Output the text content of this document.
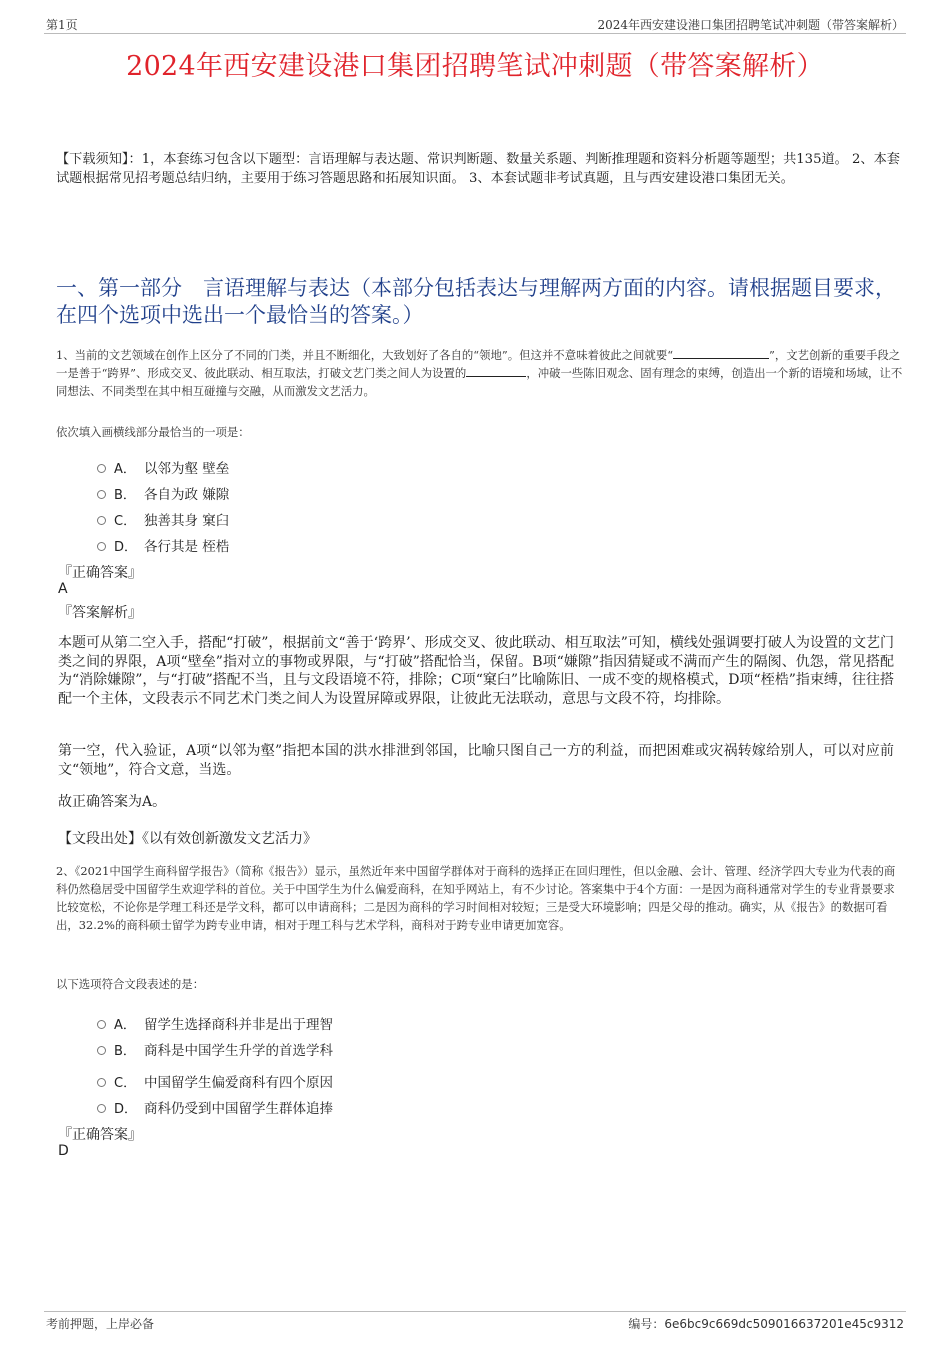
第1页	2024年西安建设港口集团招聘笔试冲刺题（带答案解析）
2024年西安建设港口集团招聘笔试冲刺题（带答案解析）
【下载须知】：1，本套练习包含以下题型：言语理解与表达题、常识判断题、数量关系题、判断推理题和资料分析题等题型；共135道。 2、本套试题根据常见招考题总结归纳，主要用于练习答题思路和拓展知识面。 3、本套试题非考试真题，且与西安建设港口集团无关。
一、第一部分　言语理解与表达（本部分包括表达与理解两方面的内容。请根据题目要求，在四个选项中选出一个最恰当的答案。）
1、当前的文艺领域在创作上区分了不同的门类，并且不断细化，大致划好了各自的“领地”。但这并不意味着彼此之间就要“	”，文艺创新的重要手段之一是善于“跨界”、形成交叉、彼此联动、相互取法，打破文艺门类之间人为设置的	，冲破一些陈旧观念、固有理念的束缚，创造出一个新的语境和场域，让不同想法、不同类型在其中相互碰撞与交融，从而激发文艺活力。
依次填入画横线部分最恰当的一项是：
A． 以邻为壑 壁垒
B． 各自为政 嫌隙
C． 独善其身 窠臼
D． 各行其是 桎梏
『正确答案』
A
『答案解析』
本题可从第二空入手，搭配“打破”，根据前文“善于‘跨界’、形成交叉、彼此联动、相互取法”可知，横线处强调要打破人为设置的文艺门类之间的界限，A项“壁垒”指对立的事物或界限，与“打破”搭配恰当，保留。B项“嫌隙”指因猜疑或不满而产生的隔阂、仇怨，常见搭配为“消除嫌隙”，与“打破”搭配不当，且与文段语境不符，排除；C项“窠臼”比喻陈旧、一成不变的规格模式，D项“桎梏”指束缚，往往搭配一个主体，文段表示不同艺术门类之间人为设置屏障或界限，让彼此无法联动，意思与文段不符，均排除。
第一空，代入验证，A项“以邻为壑”指把本国的洪水排泄到邻国，比喻只图自己一方的利益，而把困难或灾祸转嫁给别人，可以对应前文“领地”，符合文意，当选。
故正确答案为A。
【文段出处】《以有效创新激发文艺活力》
2、《2021中国学生商科留学报告》（简称《报告》）显示，虽然近年来中国留学群体对于商科的选择正在回归理性，但以金融、会计、管理、经济学四大专业为代表的商科仍然稳居受中国留学生欢迎学科的首位。关于中国学生为什么偏爱商科，在知乎网站上，有不少讨论。答案集中于4个方面：一是因为商科通常对学生的专业背景要求比较宽松，不论你是学理工科还是学文科，都可以申请商科；二是因为商科的学习时间相对较短；三是受大环境影响；四是父母的推动。确实，从《报告》的数据可看出，32.2%的商科硕士留学为跨专业申请，相对于理工科与艺术学科，商科对于跨专业申请更加宽容。
以下选项符合文段表述的是：
A． 留学生选择商科并非是出于理智
B． 商科是中国学生升学的首选学科
C． 中国留学生偏爱商科有四个原因
D． 商科仍受到中国留学生群体追捧
『正确答案』
D
考前押题，上岸必备	编号：6e6bc9c669dc509016637201e45c9312
